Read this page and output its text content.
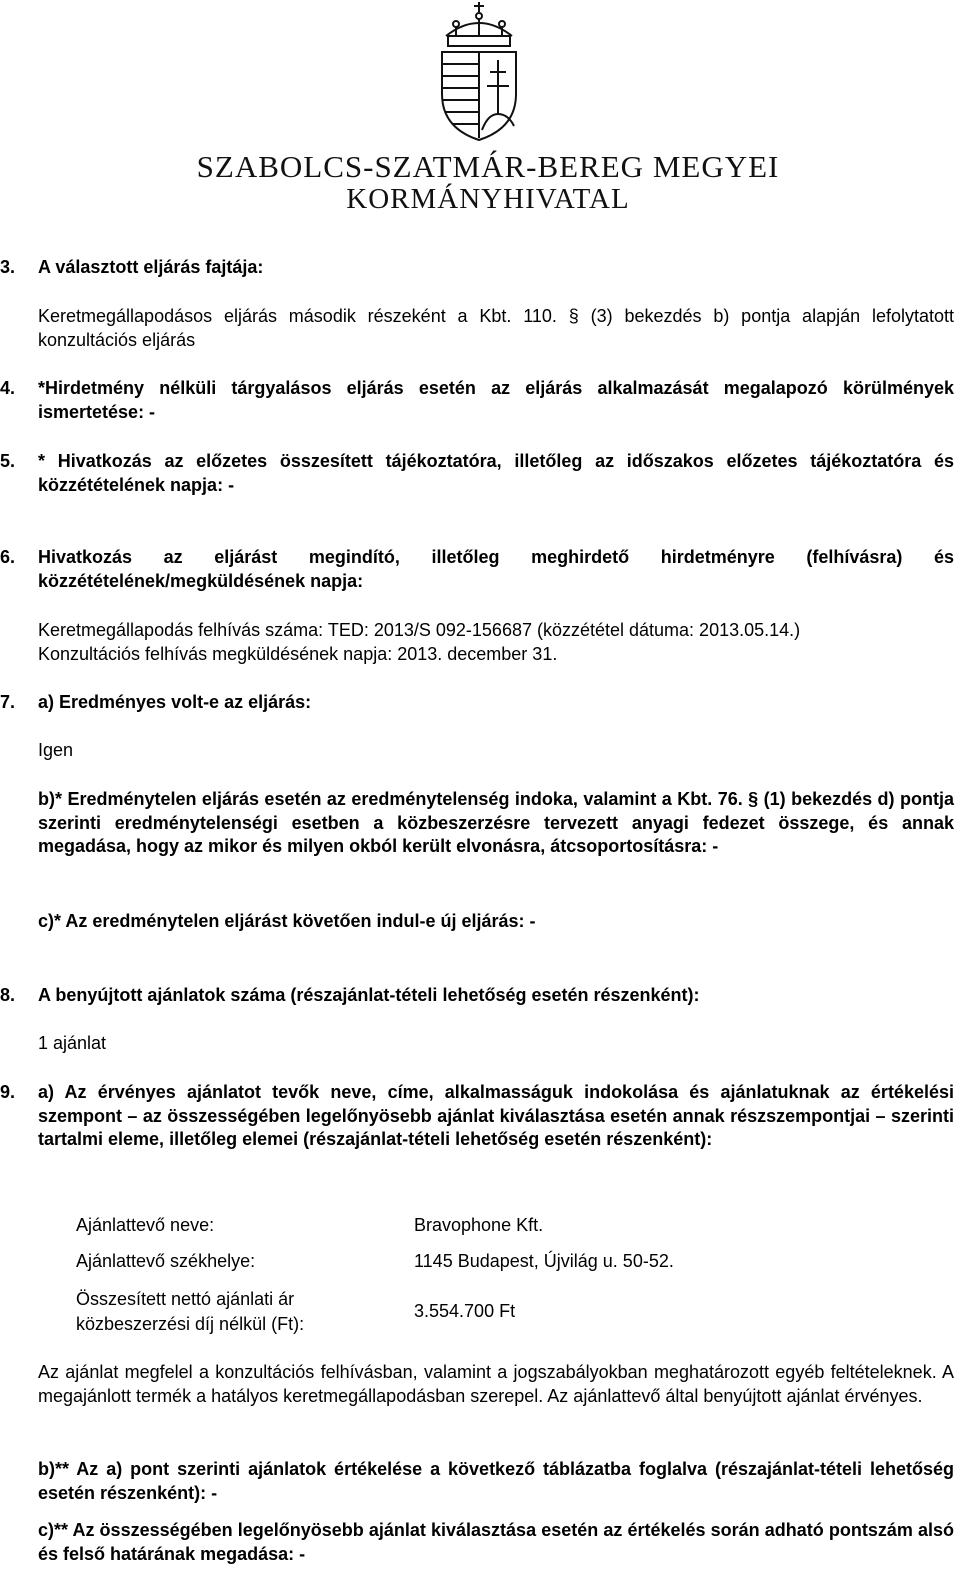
SZABOLCS-SZATMÁR-BEREG MEGYEI
KORMÁNYHIVATAL
3. A választott eljárás fajtája:
Keretmegállapodásos eljárás második részeként a Kbt. 110. § (3) bekezdés b) pontja alapján lefolytatott konzultációs eljárás
4. *Hirdetmény nélküli tárgyalásos eljárás esetén az eljárás alkalmazását megalapozó körülmények ismertetése: -
5. * Hivatkozás az előzetes összesített tájékoztatóra, illetőleg az időszakos előzetes tájékoztatóra és közzétételének napja: -
6. Hivatkozás az eljárást megindító, illetőleg meghirdető hirdetményre (felhívásra) és közzétételének/megküldésének napja:
Keretmegállapodás felhívás száma: TED: 2013/S 092-156687 (közzététel dátuma: 2013.05.14.)
Konzultációs felhívás megküldésének napja: 2013. december 31.
7. a) Eredményes volt-e az eljárás:
Igen
b)* Eredménytelen eljárás esetén az eredménytelenség indoka, valamint a Kbt. 76. § (1) bekezdés d) pontja szerinti eredménytelenségi esetben a közbeszerzésre tervezett anyagi fedezet összege, és annak megadása, hogy az mikor és milyen okból került elvonásra, átcsoportosításra: -
c)* Az eredménytelen eljárást követően indul-e új eljárás: -
8. A benyújtott ajánlatok száma (részajánlat-tételi lehetőség esetén részenként):
1 ajánlat
9. a) Az érvényes ajánlatot tevők neve, címe, alkalmasságuk indokolása és ajánlatuknak az értékelési szempont – az összességében legelőnyösebb ajánlat kiválasztása esetén annak részszempontjai – szerinti tartalmi eleme, illetőleg elemei (részajánlat-tételi lehetőség esetén részenként):
Ajánlattevő neve:	Bravophone Kft.
Ajánlattevő székhelye:	1145 Budapest, Újvilág u. 50-52.
Összesített nettó ajánlati ár
közbeszerzési díj nélkül (Ft):
3.554.700 Ft
Az ajánlat megfelel a konzultációs felhívásban, valamint a jogszabályokban meghatározott egyéb feltételeknek. A megajánlott termék a hatályos keretmegállapodásban szerepel. Az ajánlattevő által benyújtott ajánlat érvényes.
b)** Az a) pont szerinti ajánlatok értékelése a következő táblázatba foglalva (részajánlat-tételi lehetőség esetén részenként): -
c)** Az összességében legelőnyösebb ajánlat kiválasztása esetén az értékelés során adható pontszám alsó és felső határának megadása: -
